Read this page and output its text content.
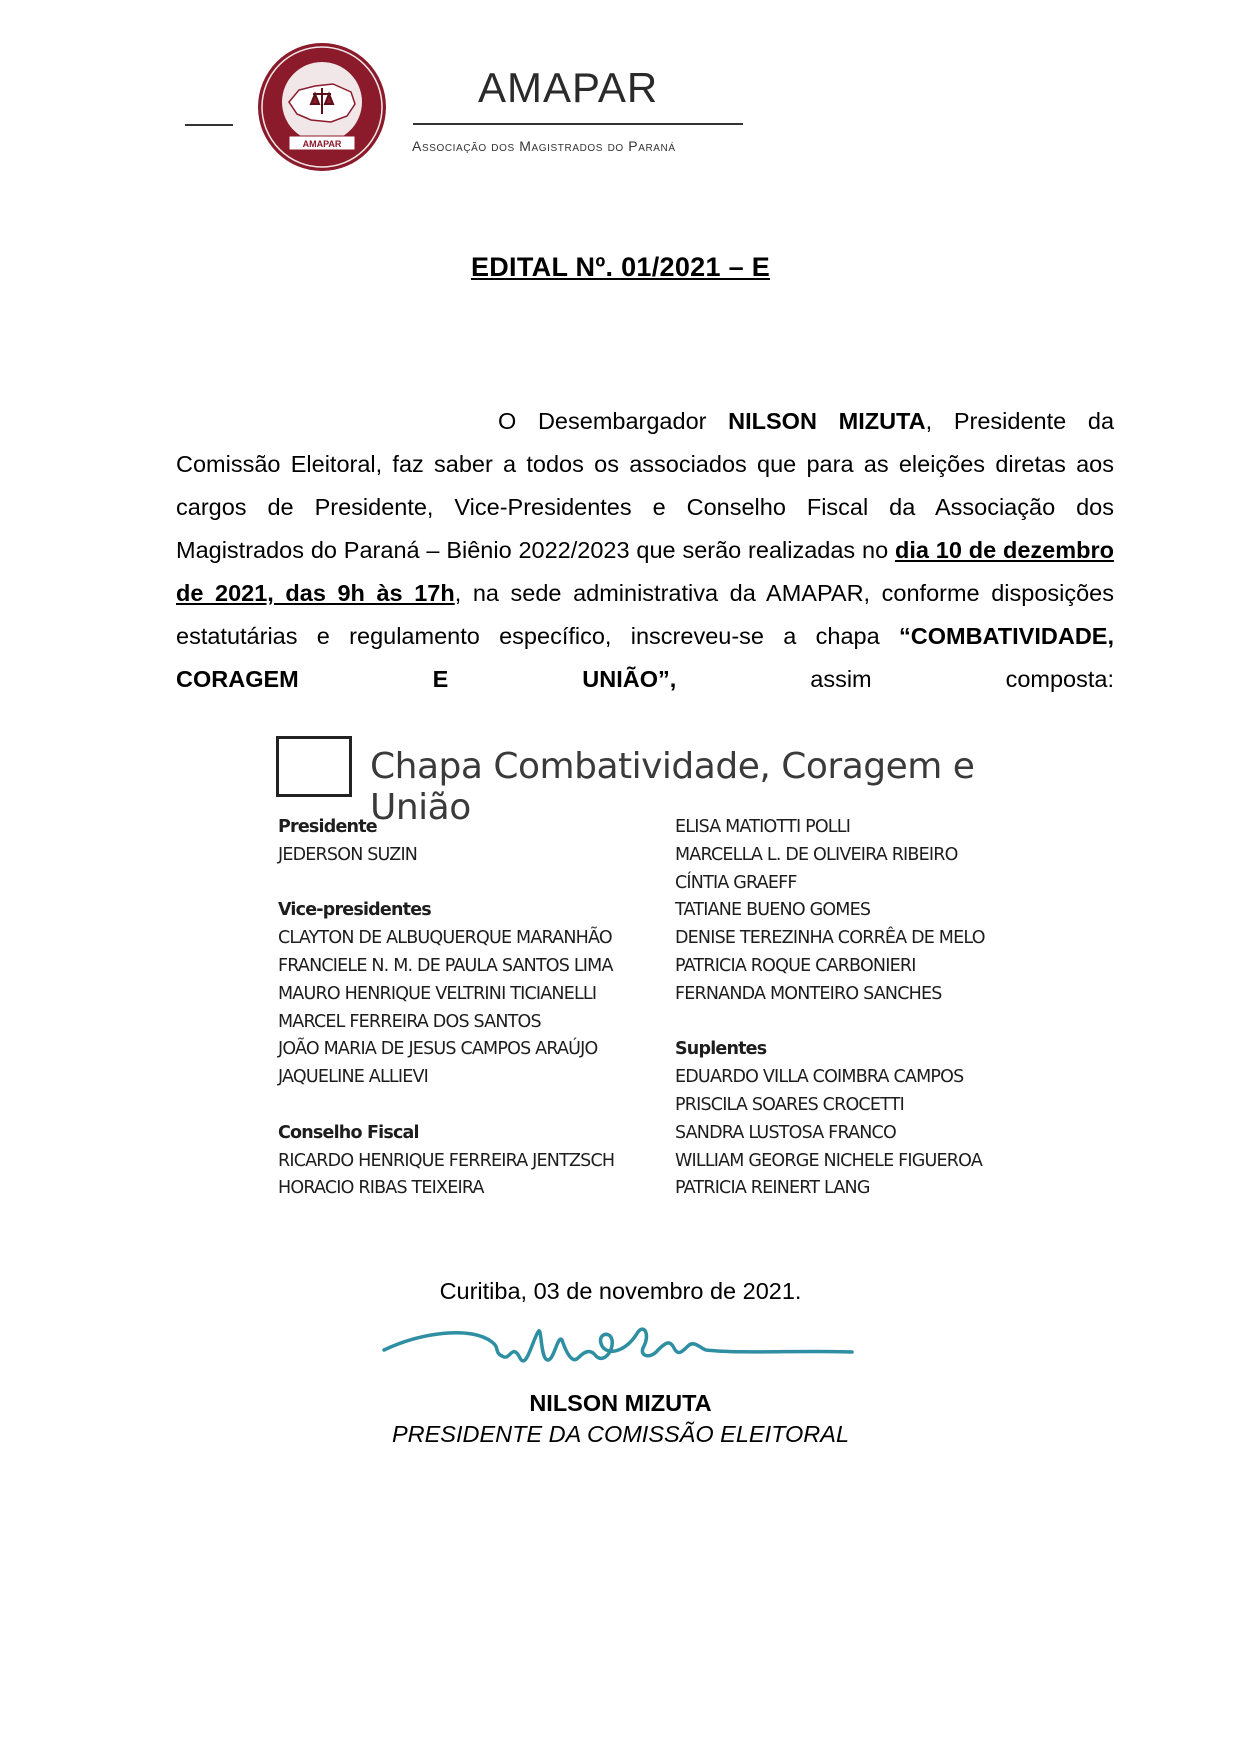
AMAPAR
AMAPAR
Associação dos Magistrados do Paraná
EDITAL Nº. 01/2021 – E
O Desembargador NILSON MIZUTA, Presidente da Comissão Eleitoral, faz saber a todos os associados que para as eleições diretas aos cargos de Presidente, Vice-Presidentes e Conselho Fiscal da Associação dos Magistrados do Paraná – Biênio 2022/2023 que serão realizadas no dia 10 de dezembro de 2021, das 9h às 17h, na sede administrativa da AMAPAR, conforme disposições estatutárias e regulamento específico, inscreveu-se a chapa “COMBATIVIDADE, CORAGEM E UNIÃO”, assim composta:
Chapa Combatividade, Coragem e União
Presidente
JEDERSON SUZIN
Vice-presidentes
CLAYTON DE ALBUQUERQUE MARANHÃO
FRANCIELE N. M. DE PAULA SANTOS LIMA
MAURO HENRIQUE VELTRINI TICIANELLI
MARCEL FERREIRA DOS SANTOS
JOÃO MARIA DE JESUS CAMPOS ARAÚJO
JAQUELINE ALLIEVI
Conselho Fiscal
RICARDO HENRIQUE FERREIRA JENTZSCH
HORACIO RIBAS TEIXEIRA
ELISA MATIOTTI POLLI
MARCELLA L. DE OLIVEIRA RIBEIRO
CÍNTIA GRAEFF
TATIANE BUENO GOMES
DENISE TEREZINHA CORRÊA DE MELO
PATRICIA ROQUE CARBONIERI
FERNANDA MONTEIRO SANCHES
Suplentes
EDUARDO VILLA COIMBRA CAMPOS
PRISCILA SOARES CROCETTI
SANDRA LUSTOSA FRANCO
WILLIAM GEORGE NICHELE FIGUEROA
PATRICIA REINERT LANG
Curitiba, 03 de novembro de 2021.
NILSON MIZUTA
PRESIDENTE DA COMISSÃO ELEITORAL
